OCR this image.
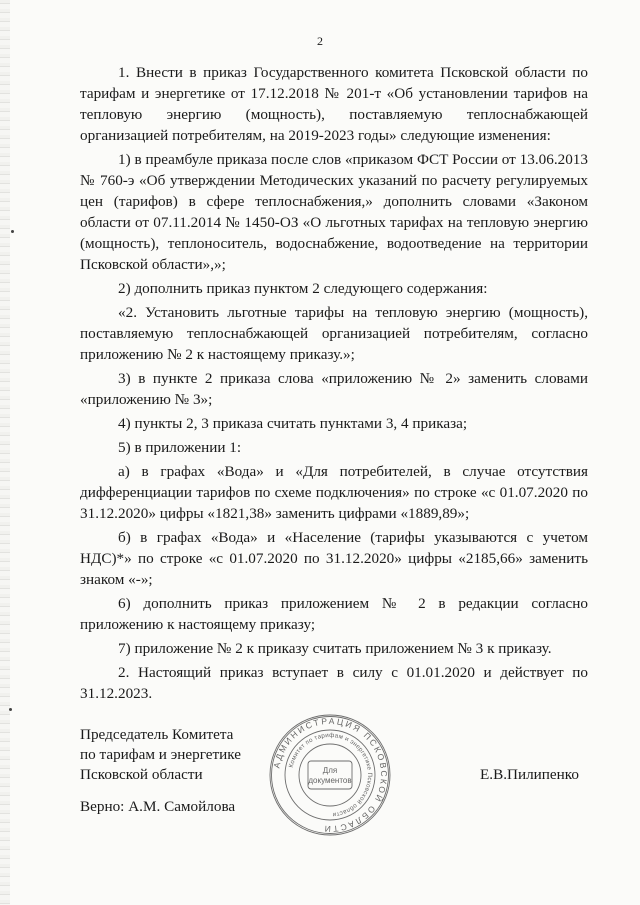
2

1. Внести в приказ Государственного комитета Псковской области по тарифам и энергетике от 17.12.2018 № 201-т «Об установлении тарифов на тепловую энергию (мощность), поставляемую теплоснабжающей организацией потребителям, на 2019-2023 годы» следующие изменения:

1) в преамбуле приказа после слов «приказом ФСТ России от 13.06.2013 № 760-э «Об утверждении Методических указаний по расчету регулируемых цен (тарифов) в сфере теплоснабжения,» дополнить словами «Законом области от 07.11.2014 № 1450-ОЗ «О льготных тарифах на тепловую энергию (мощность), теплоноситель, водоснабжение, водоотведение на территории Псковской области»,»;

2) дополнить приказ пунктом 2 следующего содержания:

«2. Установить льготные тарифы на тепловую энергию (мощность), поставляемую теплоснабжающей организацией потребителям, согласно приложению № 2 к настоящему приказу.»;

3) в пункте 2 приказа слова «приложению № 2» заменить словами «приложению № 3»;

4) пункты 2, 3 приказа считать пунктами 3, 4 приказа;

5) в приложении 1:

а) в графах «Вода» и «Для потребителей, в случае отсутствия дифференциации тарифов по схеме подключения» по строке «с 01.07.2020 по 31.12.2020» цифры «1821,38» заменить цифрами «1889,89»;

б) в графах «Вода» и «Население (тарифы указываются с учетом НДС)*» по строке «с 01.07.2020 по 31.12.2020» цифры «2185,66» заменить знаком «-»;

6) дополнить приказ приложением № 2 в редакции согласно приложению к настоящему приказу;

7) приложение № 2 к приказу считать приложением № 3 к приказу.

2. Настоящий приказ вступает в силу с 01.01.2020 и действует по 31.12.2023.

Председатель Комитета
по тарифам и энергетике
Псковской области	Е.В.Пилипенко
Верно: А.М. Самойлова
АДМИНИСТРАЦИЯ ПСКОВСКОЙ ОБЛАСТИ
Комитет по тарифам и энергетике Псковской области
Для
документов
